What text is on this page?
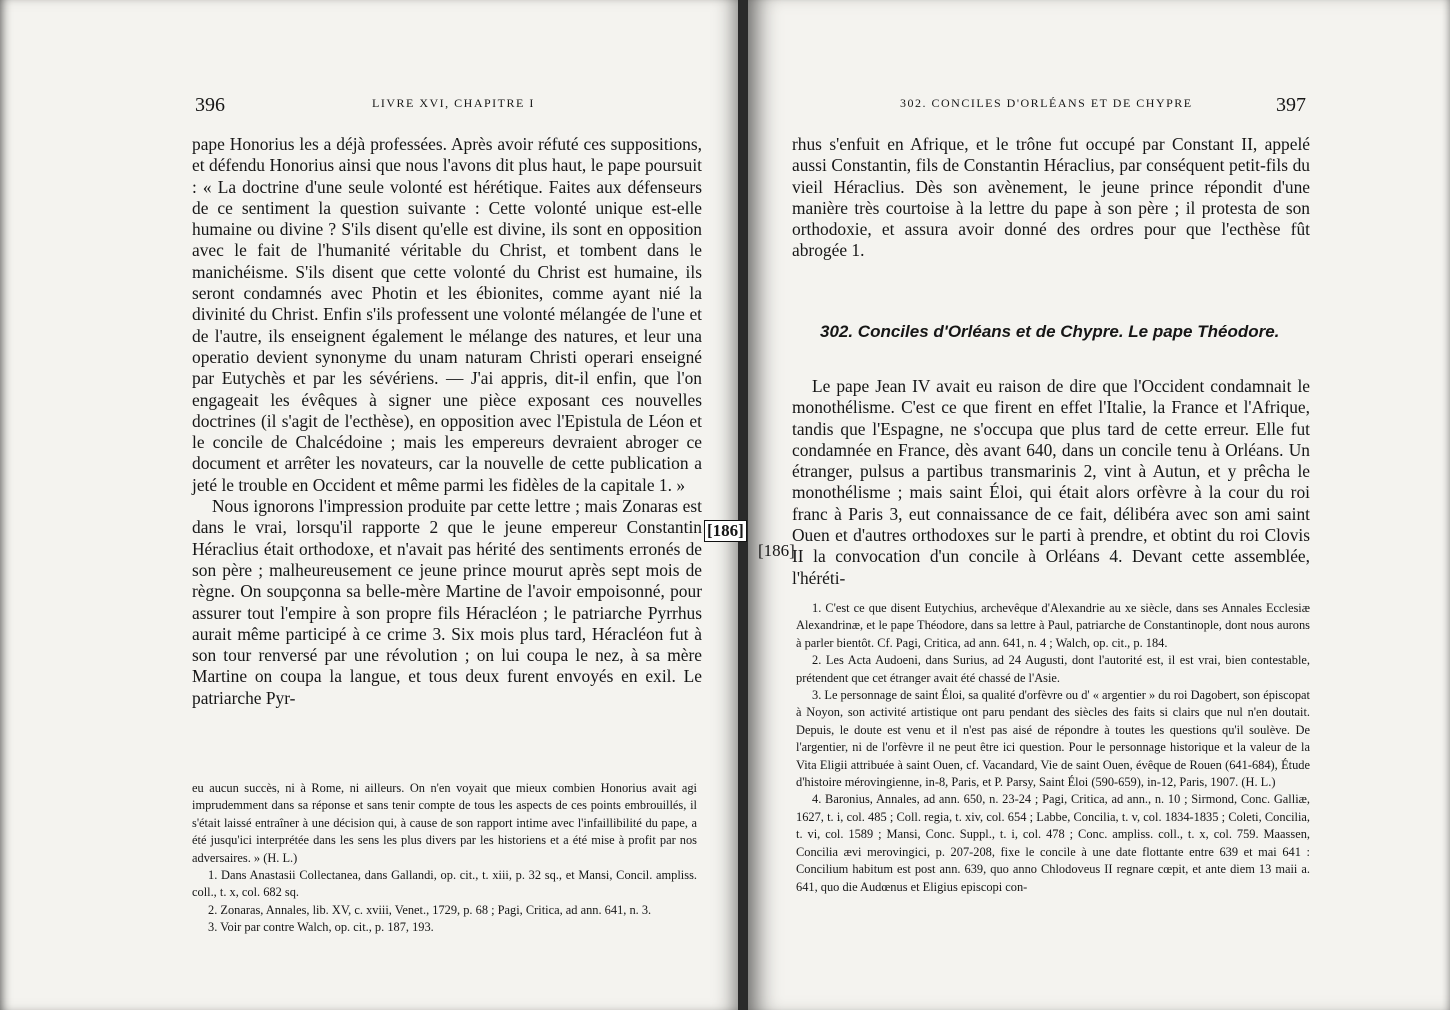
396	LIVRE XVI, CHAPITRE I

pape Honorius les a déjà professées. Après avoir réfuté ces suppositions, et défendu Honorius ainsi que nous l'avons dit plus haut, le pape poursuit : « La doctrine d'une seule volonté est hérétique. Faites aux défenseurs de ce sentiment la question suivante : Cette volonté unique est-elle humaine ou divine ? S'ils disent qu'elle est divine, ils sont en opposition avec le fait de l'humanité véritable du Christ, et tombent dans le manichéisme. S'ils disent que cette volonté du Christ est humaine, ils seront condamnés avec Photin et les ébionites, comme ayant nié la divinité du Christ. Enfin s'ils professent une volonté mélangée de l'une et de l'autre, ils enseignent également le mélange des natures, et leur una operatio devient synonyme du unam naturam Christi operari enseigné par Eutychès et par les sévériens. — J'ai appris, dit-il enfin, que l'on engageait les évêques à signer une pièce exposant ces nouvelles doctrines (il s'agit de l'ecthèse), en opposition avec l'Epistula de Léon et le concile de Chalcédoine ; mais les empereurs devraient abroger ce document et arrêter les novateurs, car la nouvelle de cette publication a jeté le trouble en Occident et même parmi les fidèles de la capitale 1. »

Nous ignorons l'impression produite par cette lettre ; mais Zonaras est dans le vrai, lorsqu'il rapporte 2 que le jeune empereur Constantin Héraclius était orthodoxe, et n'avait pas hérité des sentiments erronés de son père ; malheureusement ce jeune prince mourut après sept mois de règne. On soupçonna sa belle-mère Martine de l'avoir empoisonné, pour assurer tout l'empire à son propre fils Héracléon ; le patriarche Pyrrhus aurait même participé à ce crime 3. Six mois plus tard, Héracléon fut à son tour renversé par une révolution ; on lui coupa le nez, à sa mère Martine on coupa la langue, et tous deux furent envoyés en exil. Le patriarche Pyr-

eu aucun succès, ni à Rome, ni ailleurs. On n'en voyait que mieux combien Honorius avait agi imprudemment dans sa réponse et sans tenir compte de tous les aspects de ces points embrouillés, il s'était laissé entraîner à une décision qui, à cause de son rapport intime avec l'infaillibilité du pape, a été jusqu'ici interprétée dans les sens les plus divers par les historiens et a été mise à profit par nos adversaires. » (H. L.)

1. Dans Anastasii Collectanea, dans Gallandi, op. cit., t. xiii, p. 32 sq., et Mansi, Concil. ampliss. coll., t. x, col. 682 sq.

2. Zonaras, Annales, lib. XV, c. xviii, Venet., 1729, p. 68 ; Pagi, Critica, ad ann. 641, n. 3.

3. Voir par contre Walch, op. cit., p. 187, 193.

302. CONCILES D'ORLÉANS ET DE CHYPRE	397

rhus s'enfuit en Afrique, et le trône fut occupé par Constant II, appelé aussi Constantin, fils de Constantin Héraclius, par conséquent petit-fils du vieil Héraclius. Dès son avènement, le jeune prince répondit d'une manière très courtoise à la lettre du pape à son père ; il protesta de son orthodoxie, et assura avoir donné des ordres pour que l'ecthèse fût abrogée 1.

302. Conciles d'Orléans et de Chypre. Le pape Théodore.

Le pape Jean IV avait eu raison de dire que l'Occident condamnait le monothélisme. C'est ce que firent en effet l'Italie, la France et l'Afrique, tandis que l'Espagne, ne s'occupa que plus tard de cette erreur. Elle fut condamnée en France, dès avant 640, dans un concile tenu à Orléans. Un étranger, pulsus a partibus transmarinis 2, vint à Autun, et y prêcha le monothélisme ; mais saint Éloi, qui était alors orfèvre à la cour du roi franc à Paris 3, eut connaissance de ce fait, délibéra avec son ami saint Ouen et d'autres orthodoxes sur le parti à prendre, et obtint du roi Clovis II la convocation d'un concile à Orléans 4. Devant cette assemblée, l'héréti-

1. C'est ce que disent Eutychius, archevêque d'Alexandrie au xe siècle, dans ses Annales Ecclesiæ Alexandrinæ, et le pape Théodore, dans sa lettre à Paul, patriarche de Constantinople, dont nous aurons à parler bientôt. Cf. Pagi, Critica, ad ann. 641, n. 4 ; Walch, op. cit., p. 184.

2. Les Acta Audoeni, dans Surius, ad 24 Augusti, dont l'autorité est, il est vrai, bien contestable, prétendent que cet étranger avait été chassé de l'Asie.

3. Le personnage de saint Éloi, sa qualité d'orfèvre ou d' « argentier » du roi Dagobert, son épiscopat à Noyon, son activité artistique ont paru pendant des siècles des faits si clairs que nul n'en doutait. Depuis, le doute est venu et il n'est pas aisé de répondre à toutes les questions qu'il soulève. De l'argentier, ni de l'orfèvre il ne peut être ici question. Pour le personnage historique et la valeur de la Vita Eligii attribuée à saint Ouen, cf. Vacandard, Vie de saint Ouen, évêque de Rouen (641-684), Étude d'histoire mérovingienne, in-8, Paris, et P. Parsy, Saint Éloi (590-659), in-12, Paris, 1907. (H. L.)

4. Baronius, Annales, ad ann. 650, n. 23-24 ; Pagi, Critica, ad ann., n. 10 ; Sirmond, Conc. Galliæ, 1627, t. i, col. 485 ; Coll. regia, t. xiv, col. 654 ; Labbe, Concilia, t. v, col. 1834-1835 ; Coleti, Concilia, t. vi, col. 1589 ; Mansi, Conc. Suppl., t. i, col. 478 ; Conc. ampliss. coll., t. x, col. 759. Maassen, Concilia ævi merovingici, p. 207-208, fixe le concile à une date flottante entre 639 et mai 641 : Concilium habitum est post ann. 639, quo anno Chlodoveus II regnare cœpit, et ante diem 13 maii a. 641, quo die Audœnus et Eligius episcopi con-

[186]
[186]
